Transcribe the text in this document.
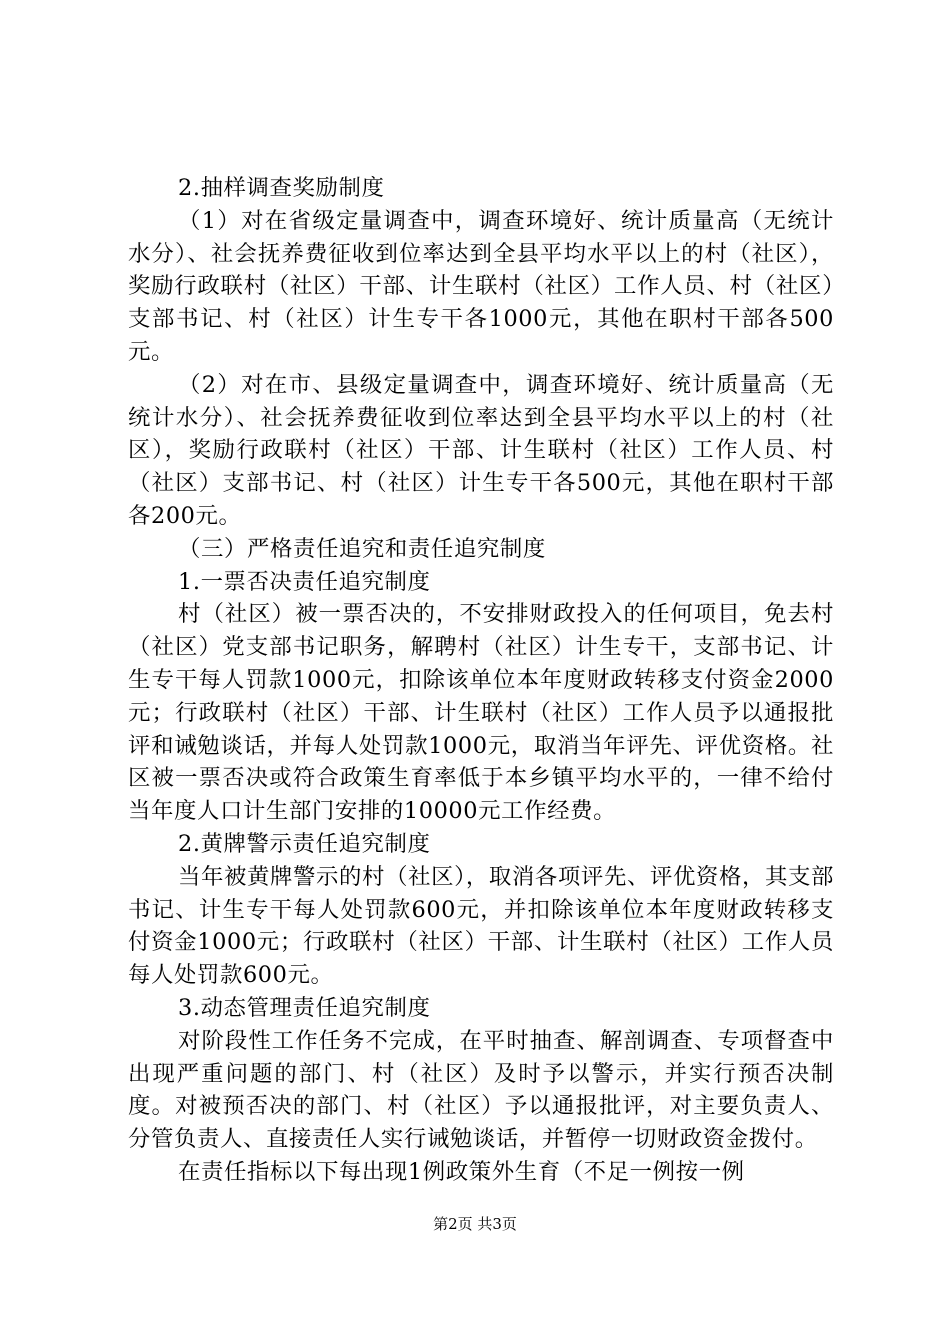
2.抽样调查奖励制度

（1）对在省级定量调查中，调查环境好、统计质量高（无统计水分）、社会抚养费征收到位率达到全县平均水平以上的村（社区），奖励行政联村（社区）干部、计生联村（社区）工作人员、村（社区）支部书记、村（社区）计生专干各1000元，其他在职村干部各500元。

（2）对在市、县级定量调查中，调查环境好、统计质量高（无统计水分）、社会抚养费征收到位率达到全县平均水平以上的村（社区），奖励行政联村（社区）干部、计生联村（社区）工作人员、村（社区）支部书记、村（社区）计生专干各500元，其他在职村干部各200元。

（三）严格责任追究和责任追究制度

1.一票否决责任追究制度

村（社区）被一票否决的，不安排财政投入的任何项目，免去村（社区）党支部书记职务，解聘村（社区）计生专干，支部书记、计生专干每人罚款1000元，扣除该单位本年度财政转移支付资金2000元；行政联村（社区）干部、计生联村（社区）工作人员予以通报批评和诫勉谈话，并每人处罚款1000元，取消当年评先、评优资格。社区被一票否决或符合政策生育率低于本乡镇平均水平的，一律不给付当年度人口计生部门安排的10000元工作经费。

2.黄牌警示责任追究制度

当年被黄牌警示的村（社区），取消各项评先、评优资格，其支部书记、计生专干每人处罚款600元，并扣除该单位本年度财政转移支付资金1000元；行政联村（社区）干部、计生联村（社区）工作人员每人处罚款600元。

3.动态管理责任追究制度

对阶段性工作任务不完成，在平时抽查、解剖调查、专项督查中出现严重问题的部门、村（社区）及时予以警示，并实行预否决制度。对被预否决的部门、村（社区）予以通报批评，对主要负责人、分管负责人、直接责任人实行诫勉谈话，并暂停一切财政资金拨付。

在责任指标以下每出现1例政策外生育（不足一例按一例

第2页 共3页
